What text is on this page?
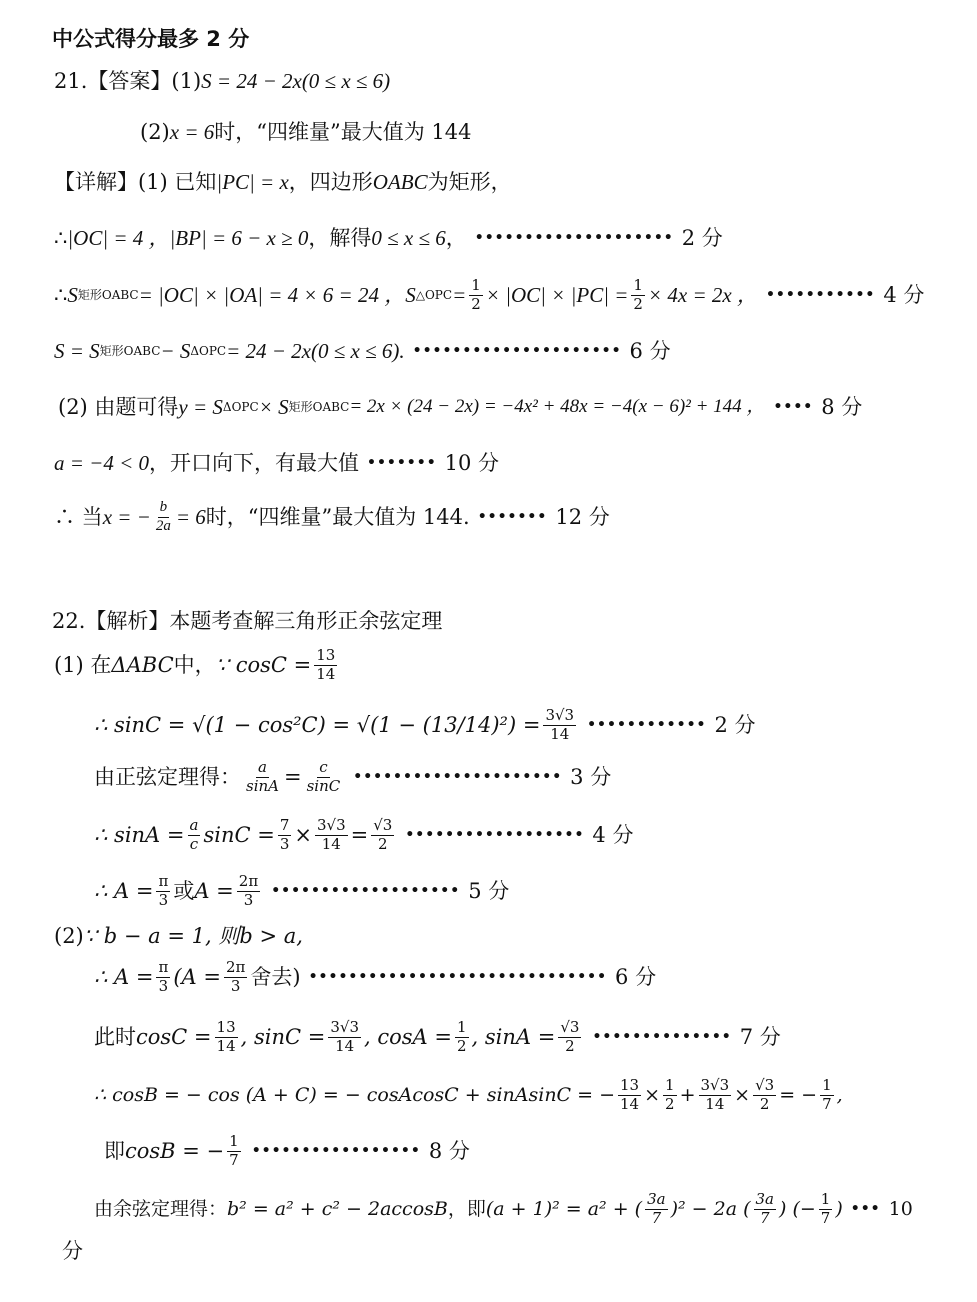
中公式得分最多 2 分
21.【答案】(1) S = 24 − 2x(0 ≤ x ≤ 6)
(2) x = 6 时，“四维量”最大值为 144
【详解】(1) 已知 |PC| = x ，四边形 OABC 为矩形，
∴ |OC| = 4 ，|BP| = 6 − x ≥ 0 ，解得 0 ≤ x ≤ 6 ， •••••••••••••••••••• 2 分
∴ S 矩形OABC = |OC| × |OA| = 4 × 6 = 24 ， S △OPC = $\frac{1}{2} \times |OC| \times |PC| = \frac{1}{2} \times 4x = 2x$ ， ••••••••••• 4 分
S = S 矩形OABC − S ΔOPC = 24 − 2x(0 ≤ x ≤ 6). ••••••••••••••••••••• 6 分
(2) 由题可得 y = S ΔOPC × S 矩形OABC = 2x × (24 − 2x) = −4x² + 48x = −4(x − 6)² + 144 ， •••• 8 分
a = −4 < 0 ，开口向下，有最大值 ••••••• 10 分
∴ 当 x = − $\frac{b}{2a} = 6$ 时，“四维量”最大值为 144. ••••••• 12 分
22.【解析】本题考查解三角形正余弦定理
(1) 在 ΔABC 中， ∵ $\cos C = \frac{13}{14}$
∴ $\sin C = √(1 - \cos^2C) = √(1 - (13/14)^2) = \frac{3√3}{14}$ •••••••••••• 2 分
由正弦定理得： $\frac{a}{\sin A} = \frac{c}{\sin C}$ ••••••••••••••••••••• 3 分
∴ $\sin A = \frac{a}{c}$ $\sin C = \frac{7}{3} \times \frac{3√3}{14} = \frac{√3}{2}$ •••••••••••••••••• 4 分
∴ $A = \frac{\pi}{3}$ 或 $A = \frac{2\pi}{3}$ ••••••••••••••••••• 5 分
(2) ∵ b − a = 1, 则b > a,
∴ $A = \frac{\pi}{3} (A = \frac{2\pi}{3}$ 舍去) •••••••••••••••••••••••••••••• 6 分
此时 $\cos C = \frac{13}{14}$ , $\sin C = \frac{3√3}{14}$ , $\cos A = \frac{1}{2}$ , $\sin A = \frac{√3}{2}$ •••••••••••••• 7 分
∴ cosB = − cos (A + C) = − cosAcosC + sinAsinC = − $\frac{13}{14} \times \frac{1}{2} + \frac{3√3}{14} \times \frac{√3}{2}$ = − $\frac{1}{7}$ ,
即 cosB = − $\frac{1}{7}$ ••••••••••••••••• 8 分
由余弦定理得： b² = a² + c² − 2accosB ，即 (a + 1)² = a² + ( $\frac{3a}{7} )^2 - 2a$ ( $\frac{3a}{7}$ ) (− $\frac{1}{7}$ ) ••• 10
分
